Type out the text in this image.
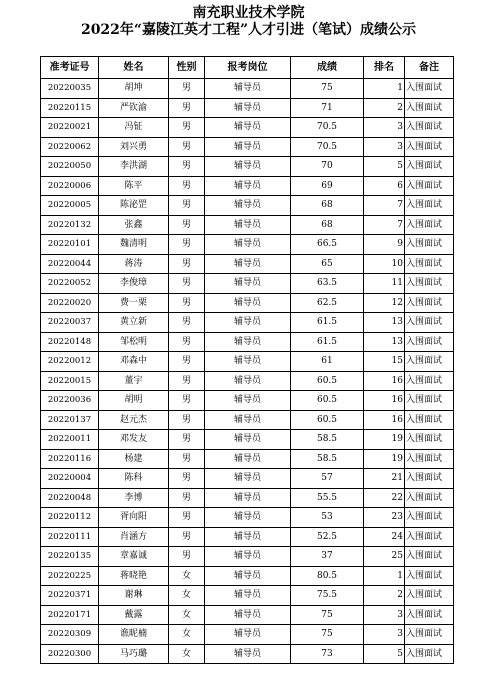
南充职业技术学院
2022年“嘉陵江英才工程”人才引进（笔试）成绩公示
准考证号	姓名	性别	报考岗位	成绩	排名	备注
20220035	胡坤	男	辅导员	75	1	入围面试
20220115	严钦渝	男	辅导员	71	2	入围面试
20220021	冯钲	男	辅导员	70.5	3	入围面试
20220062	刘兴勇	男	辅导员	70.5	3	入围面试
20220050	李洪湖	男	辅导员	70	5	入围面试
20220006	陈平	男	辅导员	69	6	入围面试
20220005	陈泌罡	男	辅导员	68	7	入围面试
20220132	张鑫	男	辅导员	68	7	入围面试
20220101	魏清明	男	辅导员	66.5	9	入围面试
20220044	蒋涛	男	辅导员	65	10	入围面试
20220052	李俊璋	男	辅导员	63.5	11	入围面试
20220020	费一栗	男	辅导员	62.5	12	入围面试
20220037	黄立新	男	辅导员	61.5	13	入围面试
20220148	邹松明	男	辅导员	61.5	13	入围面试
20220012	邓森中	男	辅导员	61	15	入围面试
20220015	董宇	男	辅导员	60.5	16	入围面试
20220036	胡明	男	辅导员	60.5	16	入围面试
20220137	赵元杰	男	辅导员	60.5	16	入围面试
20220011	邓发友	男	辅导员	58.5	19	入围面试
20220116	杨建	男	辅导员	58.5	19	入围面试
20220004	陈科	男	辅导员	57	21	入围面试
20220048	李博	男	辅导员	55.5	22	入围面试
20220112	胥向阳	男	辅导员	53	23	入围面试
20220111	肖涵方	男	辅导员	52.5	24	入围面试
20220135	章嘉诚	男	辅导员	37	25	入围面试
20220225	蒋晓艳	女	辅导员	80.5	1	入围面试
20220371	谢琳	女	辅导员	75.5	2	入围面试
20220171	戴露	女	辅导员	75	3	入围面试
20220309	谯昵楠	女	辅导员	75	3	入围面试
20220300	马巧璐	女	辅导员	73	5	入围面试
